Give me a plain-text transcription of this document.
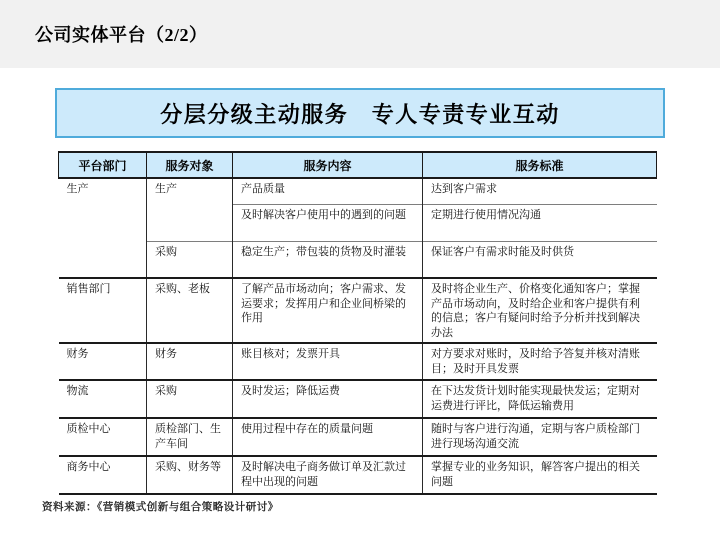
公司实体平台（2/2）
分层分级主动服务　专人专责专业互动
平台部门	服务对象	服务内容	服务标准
生产	生产	产品质量	达到客户需求
		及时解决客户使用中的遇到的问题	定期进行使用情况沟通
	采购	稳定生产；带包装的货物及时灌装	保证客户有需求时能及时供货
销售部门	采购、老板	了解产品市场动向；客户需求、发运要求；发挥用户和企业间桥梁的作用	及时将企业生产、价格变化通知客户；掌握产品市场动向，及时给企业和客户提供有利的信息；客户有疑问时给予分析并找到解决办法
财务	财务	账目核对；发票开具	对方要求对账时，及时给予答复并核对清账目；及时开具发票
物流	采购	及时发运；降低运费	在下达发货计划时能实现最快发运；定期对运费进行评比，降低运输费用
质检中心	质检部门、生产车间	使用过程中存在的质量问题	随时与客户进行沟通，定期与客户质检部门进行现场沟通交流
商务中心	采购、财务等	及时解决电子商务做订单及汇款过程中出现的问题	掌握专业的业务知识，解答客户提出的相关问题
资料来源：《营销模式创新与组合策略设计研讨》
